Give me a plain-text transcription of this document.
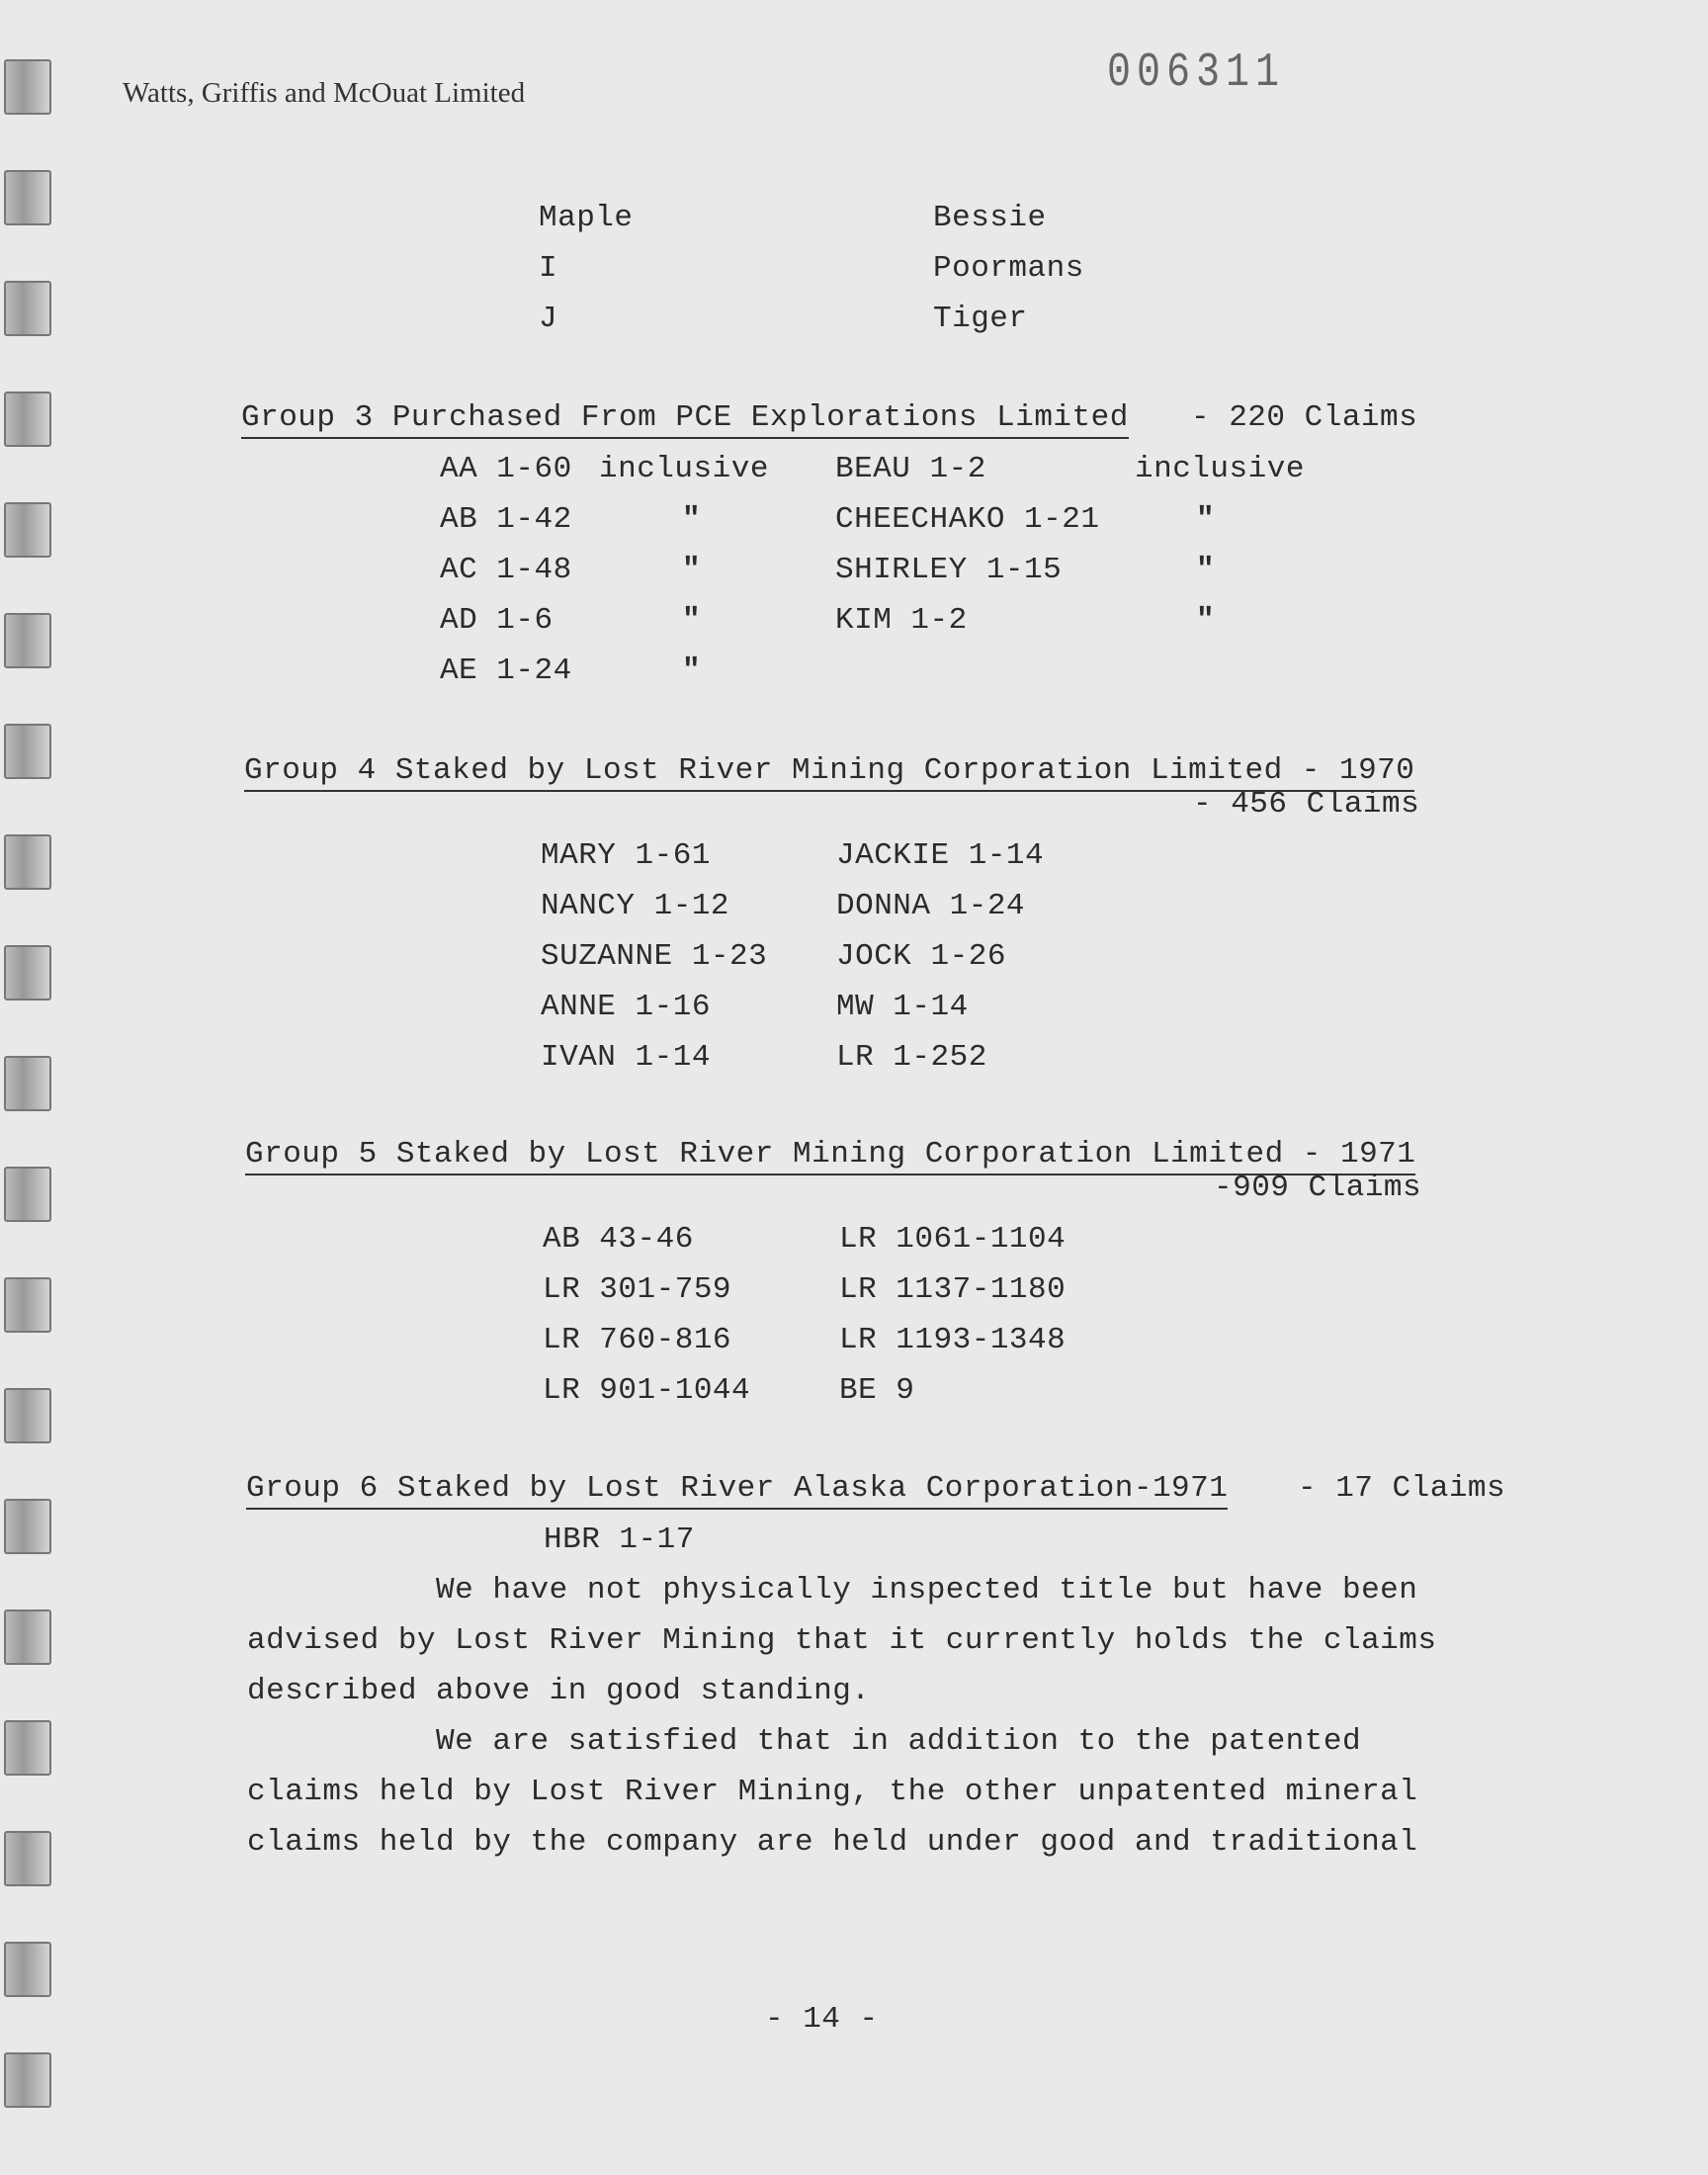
Watts, Griffis and McOuat Limited	006311
Maple	Bessie
I	Poormans
J	Tiger
Group 3 Purchased From PCE Explorations Limited - 220 Claims
AA 1-60 inclusive BEAU 1-2	inclusive
AB 1-42	"	CHEECHAKO 1-21	"
AC 1-48	"	SHIRLEY 1-15	"
AD 1-6	"	KIM 1-2	"
AE 1-24	"
Group 4 Staked by Lost River Mining Corporation Limited - 1970
- 456 Claims
MARY 1-61	JACKIE 1-14
NANCY 1-12	DONNA 1-24
SUZANNE 1-23 JOCK 1-26
ANNE 1-16	MW 1-14
IVAN 1-14	LR 1-252
Group 5 Staked by Lost River Mining Corporation Limited - 1971
-909 Claims
AB 43-46	LR 1061-1104
LR 301-759	LR 1137-1180
LR 760-816	LR 1193-1348
LR 901-1044	BE 9
Group 6 Staked by Lost River Alaska Corporation-1971 - 17 Claims
HBR 1-17
We have not physically inspected title but have been
advised by Lost River Mining that it currently holds the claims
described above in good standing.
We are satisfied that in addition to the patented
claims held by Lost River Mining, the other unpatented mineral
claims held by the company are held under good and traditional
- 14 -
